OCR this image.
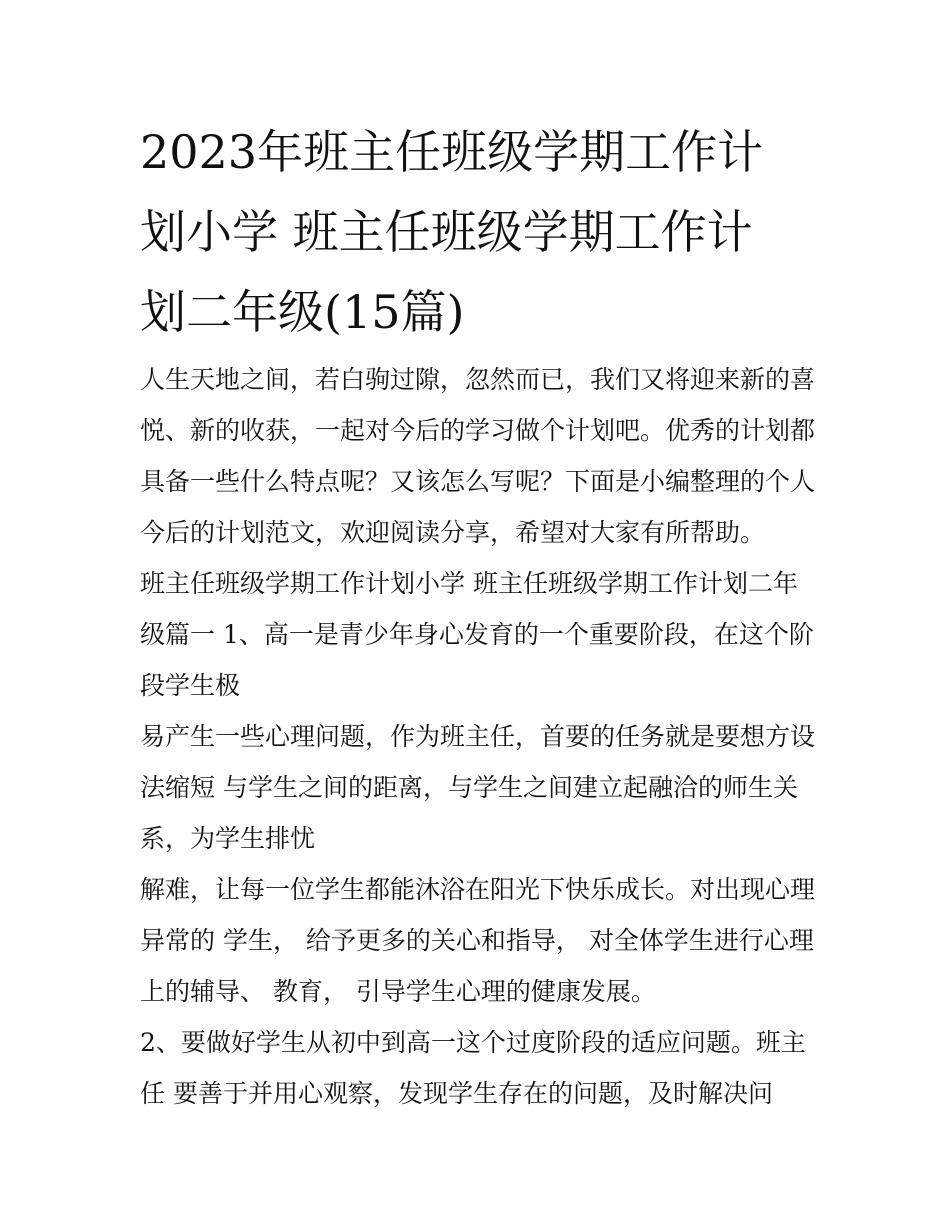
2023年班主任班级学期工作计
划小学 班主任班级学期工作计
划二年级(15篇)
人生天地之间，若白驹过隙，忽然而已，我们又将迎来新的喜
悦、新的收获，一起对今后的学习做个计划吧。优秀的计划都
具备一些什么特点呢？又该怎么写呢？下面是小编整理的个人
今后的计划范文，欢迎阅读分享，希望对大家有所帮助。
班主任班级学期工作计划小学 班主任班级学期工作计划二年
级篇一 1、高一是青少年身心发育的一个重要阶段，在这个阶
段学生极
易产生一些心理问题，作为班主任，首要的任务就是要想方设
法缩短 与学生之间的距离，与学生之间建立起融洽的师生关
系，为学生排忧
解难，让每一位学生都能沐浴在阳光下快乐成长。对出现心理
异常的 学生， 给予更多的关心和指导， 对全体学生进行心理
上的辅导、 教育， 引导学生心理的健康发展。
2、要做好学生从初中到高一这个过度阶段的适应问题。班主
任 要善于并用心观察，发现学生存在的问题，及时解决问
